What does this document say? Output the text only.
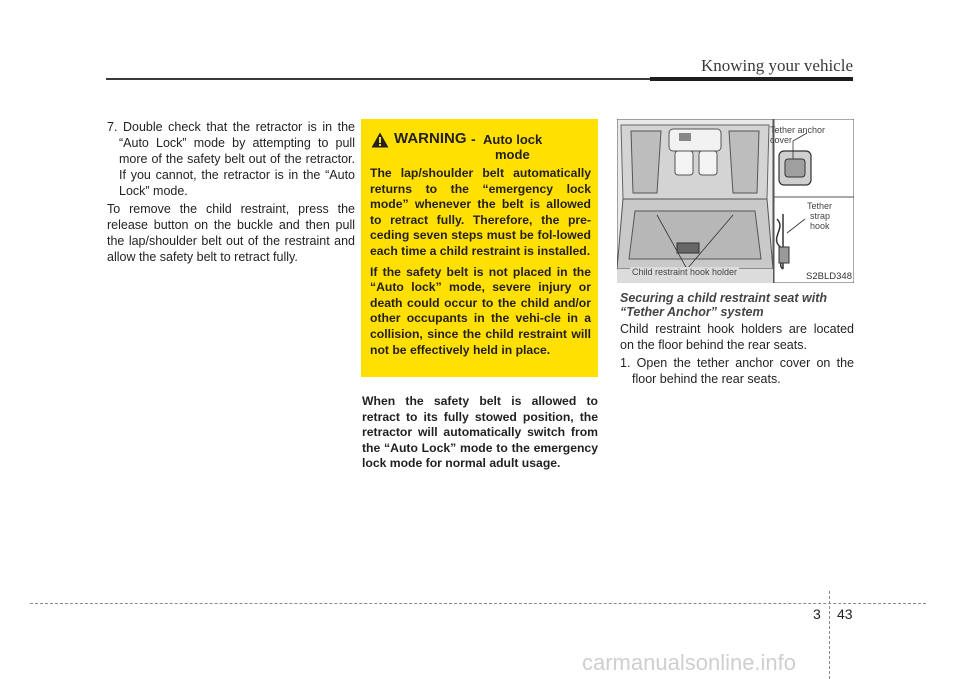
Knowing your vehicle

7. Double check that the retractor is in the “Auto Lock” mode by attempting to pull more of the safety belt out of the retractor. If you cannot, the retractor is in the “Auto Lock” mode.

To remove the child restraint, press the release button on the buckle and then pull the lap/shoulder belt out of the restraint and allow the safety belt to retract fully.

WARNING - Auto lock
mode

The lap/shoulder belt automatically returns to the “emergency lock mode” whenever the belt is allowed to retract fully. Therefore, the pre-ceding seven steps must be fol-lowed each time a child restraint is installed.

If the safety belt is not placed in the “Auto lock” mode, severe injury or death could occur to the child and/or other occupants in the vehi-cle in a collision, since the child restraint will not be effectively held in place.

When the safety belt is allowed to retract to its fully stowed position, the retractor will automatically switch from the “Auto Lock” mode to the emergency lock mode for normal adult usage.

Tether anchor
cover
Tether
strap
hook
Child restraint hook holder	S2BLD348
Securing a child restraint seat with
“Tether Anchor” system

Child restraint hook holders are located on the floor behind the rear seats.

1. Open the tether anchor cover on the floor behind the rear seats.

3 43
carmanualsonline.info
